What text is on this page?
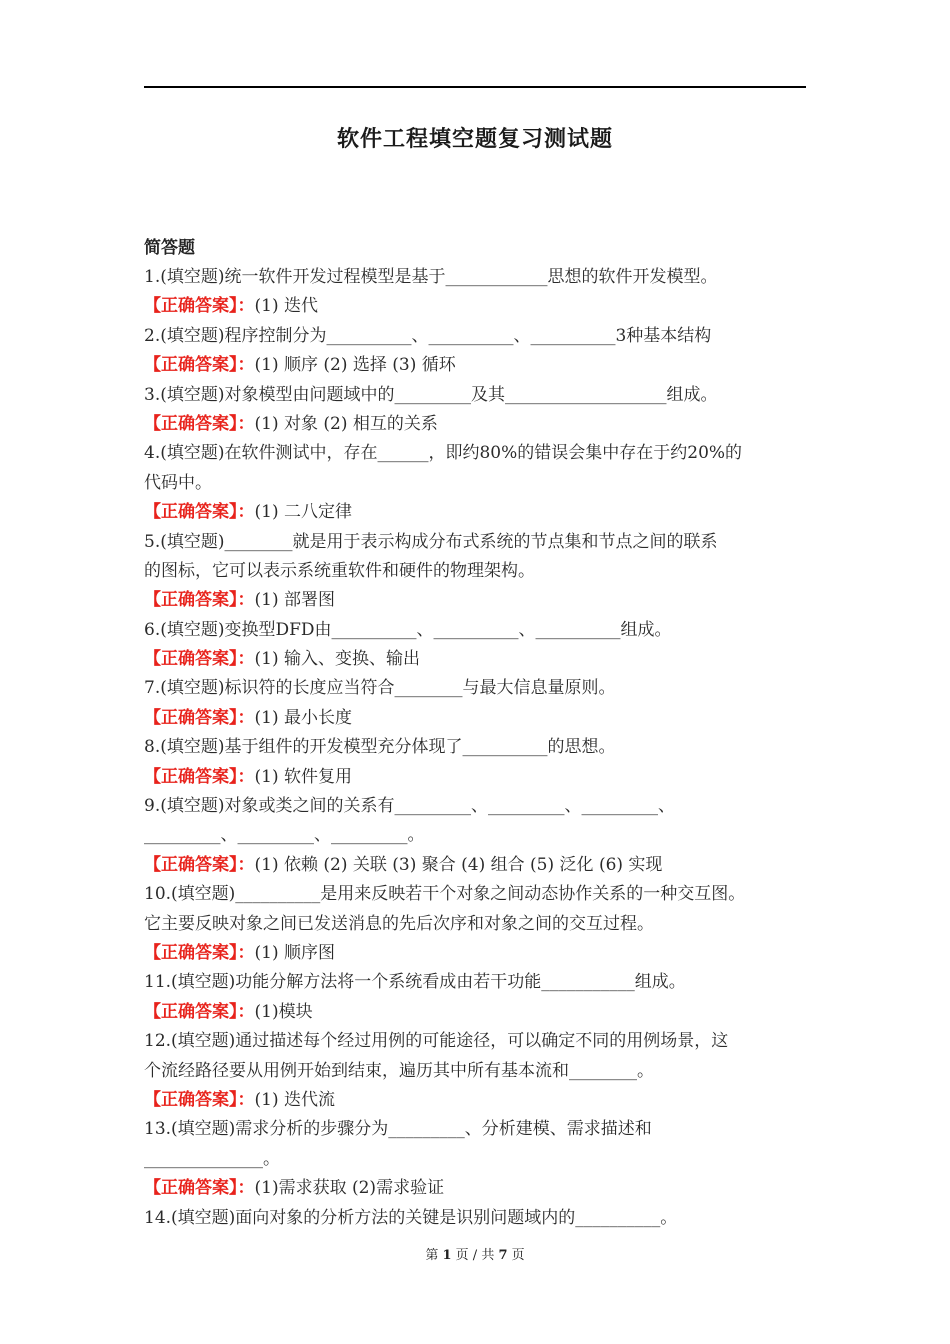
软件工程填空题复习测试题
简答题
1.(填空题)统一软件开发过程模型是基于____________思想的软件开发模型。
【正确答案】：(1) 迭代
2.(填空题)程序控制分为__________、__________、__________3种基本结构
【正确答案】：(1) 顺序 (2) 选择 (3) 循环
3.(填空题)对象模型由问题域中的_________及其___________________组成。
【正确答案】：(1) 对象 (2) 相互的关系
4.(填空题)在软件测试中，存在______，即约80%的错误会集中存在于约20%的
代码中。
【正确答案】：(1) 二八定律
5.(填空题)________就是用于表示构成分布式系统的节点集和节点之间的联系
的图标，它可以表示系统重软件和硬件的物理架构。
【正确答案】：(1) 部署图
6.(填空题)变换型DFD由__________、__________、__________组成。
【正确答案】：(1) 输入、变换、输出
7.(填空题)标识符的长度应当符合________与最大信息量原则。
【正确答案】：(1) 最小长度
8.(填空题)基于组件的开发模型充分体现了__________的思想。
【正确答案】：(1) 软件复用
9.(填空题)对象或类之间的关系有_________、_________、_________、
_________、_________、_________。
【正确答案】：(1) 依赖 (2) 关联 (3) 聚合 (4) 组合 (5) 泛化 (6) 实现
10.(填空题)__________是用来反映若干个对象之间动态协作关系的一种交互图。
它主要反映对象之间已发送消息的先后次序和对象之间的交互过程。
【正确答案】：(1) 顺序图
11.(填空题)功能分解方法将一个系统看成由若干功能___________组成。
【正确答案】：(1)模块
12.(填空题)通过描述每个经过用例的可能途径，可以确定不同的用例场景，这
个流经路径要从用例开始到结束，遍历其中所有基本流和________。
【正确答案】：(1) 迭代流
13.(填空题)需求分析的步骤分为_________、分析建模、需求描述和
______________。
【正确答案】：(1)需求获取 (2)需求验证
14.(填空题)面向对象的分析方法的关键是识别问题域内的__________。
第 1 页 / 共 7 页
